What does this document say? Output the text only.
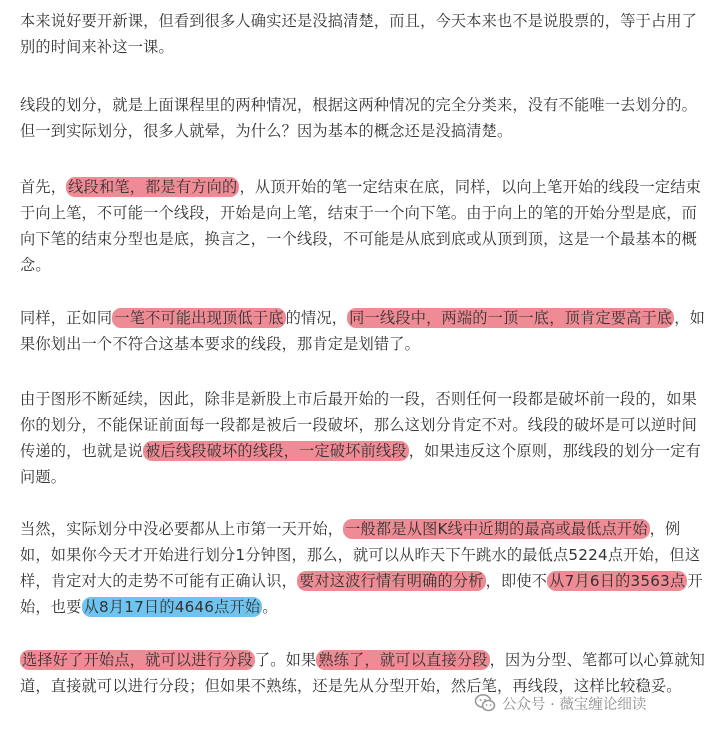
本来说好要开新课，但看到很多人确实还是没搞清楚，而且，今天本来也不是说股票的，等于占用了别的时间来补这一课。

线段的划分，就是上面课程里的两种情况，根据这两种情况的完全分类来，没有不能唯一去划分的。但一到实际划分，很多人就晕，为什么？因为基本的概念还是没搞清楚。

首先， 线段和笔，都是有方向的 ，从顶开始的笔一定结束在底，同样，以向上笔开始的线段一定结束于向上笔，不可能一个线段，开始是向上笔，结束于一个向下笔。由于向上的笔的开始分型是底，而向下笔的结束分型也是底，换言之，一个线段，不可能是从底到底或从顶到顶，这是一个最基本的概念。

同样，正如同 一笔不可能出现顶低于底 的情况， 同一线段中，两端的一顶一底，顶肯定要高于底 ，如果你划出一个不符合这基本要求的线段，那肯定是划错了。

由于图形不断延续，因此，除非是新股上市后最开始的一段，否则任何一段都是破坏前一段的，如果你的划分，不能保证前面每一段都是被后一段破坏，那么这划分肯定不对。线段的破坏是可以逆时间传递的，也就是说 被后线段破坏的线段，一定破坏前线段 ，如果违反这个原则，那线段的划分一定有问题。

当然，实际划分中没必要都从上市第一天开始， 一般都是从图K线中近期的最高或最低点开始 ，例如，如果你今天才开始进行划分1分钟图，那么，就可以从昨天下午跳水的最低点5224点开始，但这样，肯定对大的走势不可能有正确认识， 要对这波行情有明确的分析 ，即使不 从7月6日的3563点 开始，也要 从8月17日的4646点开始 。

选择好了开始点，就可以进行分段 了。如果 熟练了，就可以直接分段 ，因为分型、笔都可以心算就知道，直接就可以进行分段；但如果不熟练，还是先从分型开始，然后笔，再线段，这样比较稳妥。

公众号 · 薇宝缠论细读
